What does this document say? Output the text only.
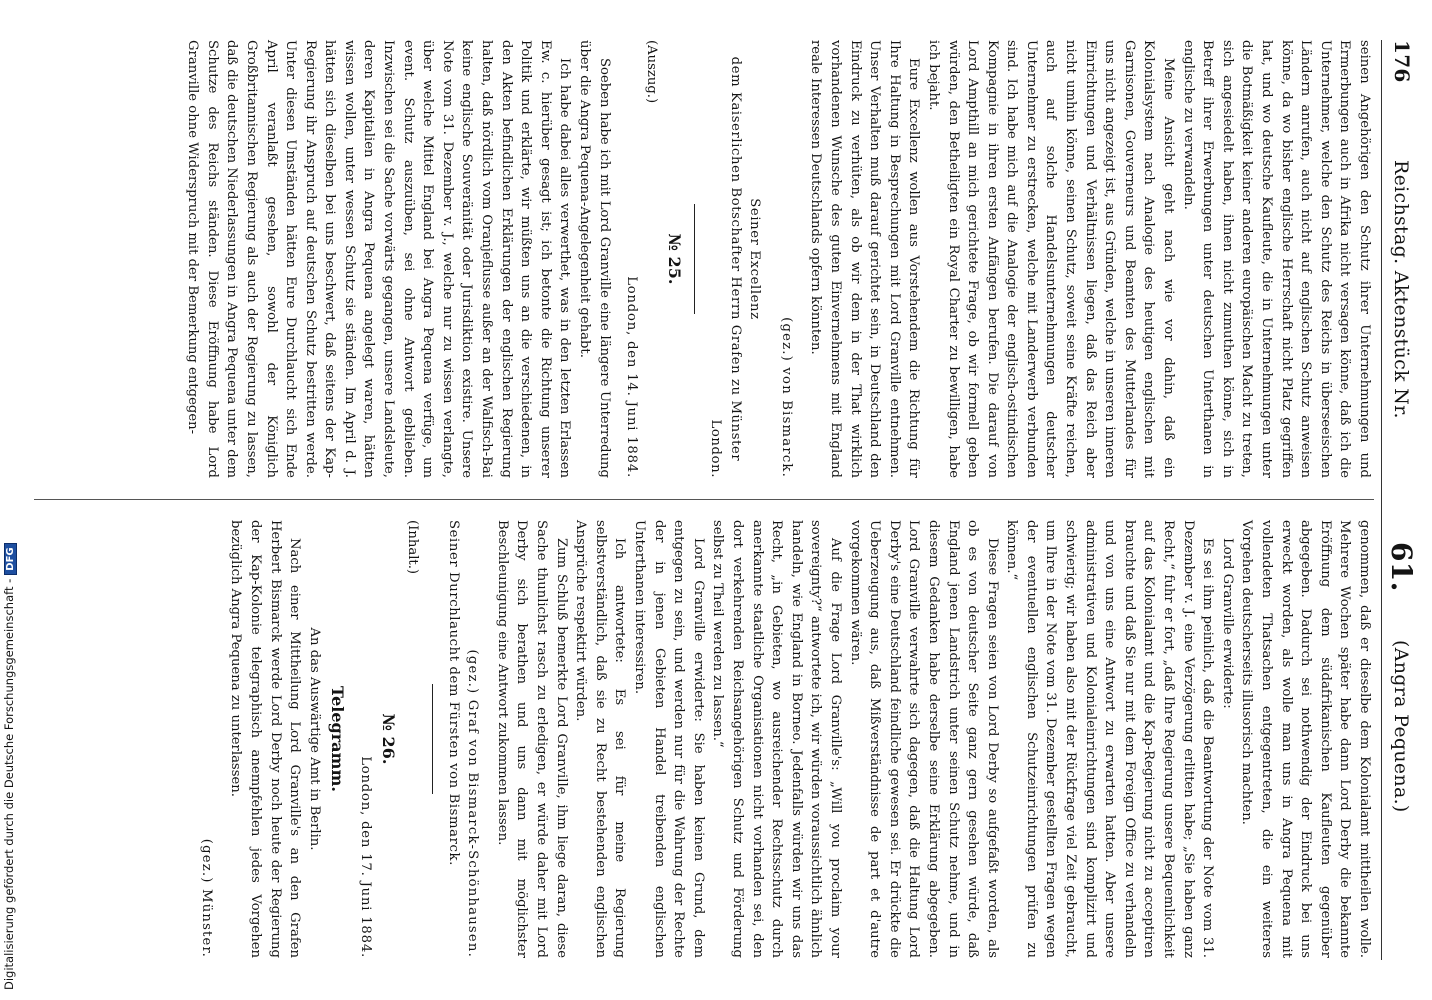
176
Reichstag. Aktenstück Nr.
61.
(Angra Pequena.)

seinen Angehörigen den Schutz ihrer Unternehmungen und Ermerbungen auch in Afrika nicht versagen könne, daß ich die Unternehmer, welche den Schutz des Reichs in überseeischen Ländern anrufen, auch nicht auf englischen Schutz anweisen könne, da wo bisher englische Herrschaft nicht Platz gegriffen hat, und wo deutsche Kaufleute, die in Unternehmungen unter die Botmäßigkeit keiner anderen europäischen Macht zu treten, sich angesiedelt haben, ihnen nicht zumuthen könne, sich in Betreff ihrer Erwerbungen unter deutschen Unterthanen in englische zu verwandeln.

Meine Ansicht geht nach wie vor dahin, daß ein Kolonialsystem nach Analogie des heutigen englischen mit Garnisonen, Gouverneurs und Beamten des Mutterlandes für uns nicht angezeigt ist, aus Gründen, welche in unseren inneren Einrichtungen und Verhältnissen liegen, daß das Reich aber nicht umhin könne, seinen Schutz, soweit seine Kräfte reichen, auch auf solche Handelsunternehmungen deutscher Unternehmer zu erstrecken, welche mit Landerwerb verbunden sind. Ich habe mich auf die Analogie der englisch-ostindischen Kompagnie in ihren ersten Anfängen berufen. Die darauf von Lord Ampthill an mich gerichtete Frage, ob wir formell geben würden, den Betheiligten ein Royal Charter zu bewilligen, habe ich bejaht.

Eure Excellenz wollen aus Vorstehendem die Richtung für Ihre Haltung in Besprechungen mit Lord Granville entnehmen. Unser Verhalten muß darauf gerichtet sein, in Deutschland den Eindruck zu verhüten, als ob wir dem in der That wirklich vorhandenen Wunsche des guten Einvernehmens mit England reale Interessen Deutschlands opfern könnten.

(gez.) von Bismarck.

Seiner Excellenz

dem Kaiserlichen Botschafter Herrn Grafen zu Münster

London.

№ 25.

(Auszug.)

London, den 14. Juni 1884.

Soeben habe ich mit Lord Granville eine längere Unterredung über die Angra Pequena-Angelegenheit gehabt.

Ich habe dabei alles verwerthet, was in den letzten Erlassen Ew. c. hierüber gesagt ist; ich betonte die Richtung unserer Politik und erklärte, wir müßten uns an die verschiedenen, in den Akten befindlichen Erklärungen der englischen Regierung halten, daß nördlich vom Oranjeflusse außer an der Walfisch-Bai keine englische Souveränität oder Jurisdiktion existire. Unsere Note vom 31. Dezember v. J., welche nur zu wissen verlangte, über welche Mittel England bei Angra Pequena verfüge, um event. Schutz auszuüben, sei ohne Antwort geblieben. Inzwischen sei die Sache vorwärts gegangen, unsere Landsleute, deren Kapitalien in Angra Pequena angelegt waren, hätten wissen wollen, unter wessen Schutz sie ständen. Im April d. J. hätten sich dieselben bei uns beschwert, daß seitens der Kap-Regierung ihr Anspruch auf deutschen Schutz bestritten werde. Unter diesen Umständen hätten Eure Durchlaucht sich Ende April veranlaßt gesehen, sowohl der Königlich Großbritannischen Regierung als auch der Regierung zu lassen, daß die deutschen Niederlassungen in Angra Pequena unter dem Schutze des Reichs ständen. Diese Eröffnung habe Lord Granville ohne Widerspruch mit der Bemerkung entgegen-

genommen, daß er dieselbe dem Kolonialamt mittheilen wolle. Mehrere Wochen später habe dann Lord Derby die bekannte Eröffnung dem südafrikanischen Kaufleuten gegenüber abgegeben. Dadurch sei nothwendig der Eindruck bei uns erweckt worden, als wolle man uns in Angra Pequena mit vollendeten Thatsachen entgegentreten, die ein weiteres Vorgehen deutscherseits illusorisch machten.

Lord Granville erwiderte:

Es sei ihm peinlich, daß die Beantwortung der Note vom 31. Dezember v. J. eine Verzögerung erlitten habe; „Sie haben ganz Recht,“ fuhr er fort, „daß Ihre Regierung unsere Bequemlichkeit auf das Kolonialamt und die Kap-Regierung nicht zu acceptiren brauchte und daß Sie nur mit dem Foreign Office zu verhandeln und von uns eine Antwort zu erwarten hatten. Aber unsere administrativen und Kolonialeinrichtungen sind komplizirt und schwierig; wir haben also mit der Rückfrage viel Zeit gebraucht, um Ihre in der Note vom 31. Dezember gestellten Fragen wegen der eventuellen englischen Schutzeinrichtungen prüfen zu können.“

Diese Fragen seien von Lord Derby so aufgefaßt worden, als ob es von deutscher Seite ganz gern gesehen würde, daß England jenen Landstrich unter seinen Schutz nehme, und in diesem Gedanken habe derselbe seine Erklärung abgegeben. Lord Granville verwahrte sich dagegen, daß die Haltung Lord Derby's eine Deutschland feindliche gewesen sei. Er drückte die Ueberzeugung aus, daß Mißverständnisse de part et d'autre vorgekommen wären.

Auf die Frage Lord Granville's: „Will you proclaim your sovereignty?“ antwortete ich, wir würden voraussichtlich ähnlich handeln, wie England in Borneo. Jedenfalls würden wir uns das Recht, „in Gebieten, wo ausreichender Rechtsschutz durch anerkannte staatliche Organisationen nicht vorhanden sei, den dort verkehrenden Reichsangehörigen Schutz und Förderung selbst zu Theil werden zu lassen.“

Lord Granville erwiderte: Sie haben keinen Grund, dem entgegen zu sein, und werden nur für die Wahrung der Rechte der in jenen Gebieten Handel treibenden englischen Unterthanen interessiren.

Ich antwortete: Es sei für meine Regierung selbstverständlich, daß sie zu Recht bestehenden englischen Ansprüche respektirt würden.

Zum Schluß bemerkte Lord Granville, ihm liege daran, diese Sache thunlichst rasch zu erledigen, er würde daher mit Lord Derby sich berathen und uns dann mit möglichster Beschleunigung eine Antwort zukommen lassen.

(gez.) Graf von Bismarck-Schönhausen.

Seiner Durchlaucht dem Fürsten von Bismarck.

(Inhalt.)

№ 26.

London, den 17. Juni 1884.

Telegramm.

An das Auswärtige Amt in Berlin.

Nach einer Mittheilung Lord Granville's an den Grafen Herbert Bismarck werde Lord Derby noch heute der Regierung der Kap-Kolonie telegraphisch anempfehlen jedes Vorgehen bezüglich Angra Pequena zu unterlassen.

(gez.) Münster.
Digitalisierung gefördert durch die Deutsche Forschungsgemeinschaft -DFG
